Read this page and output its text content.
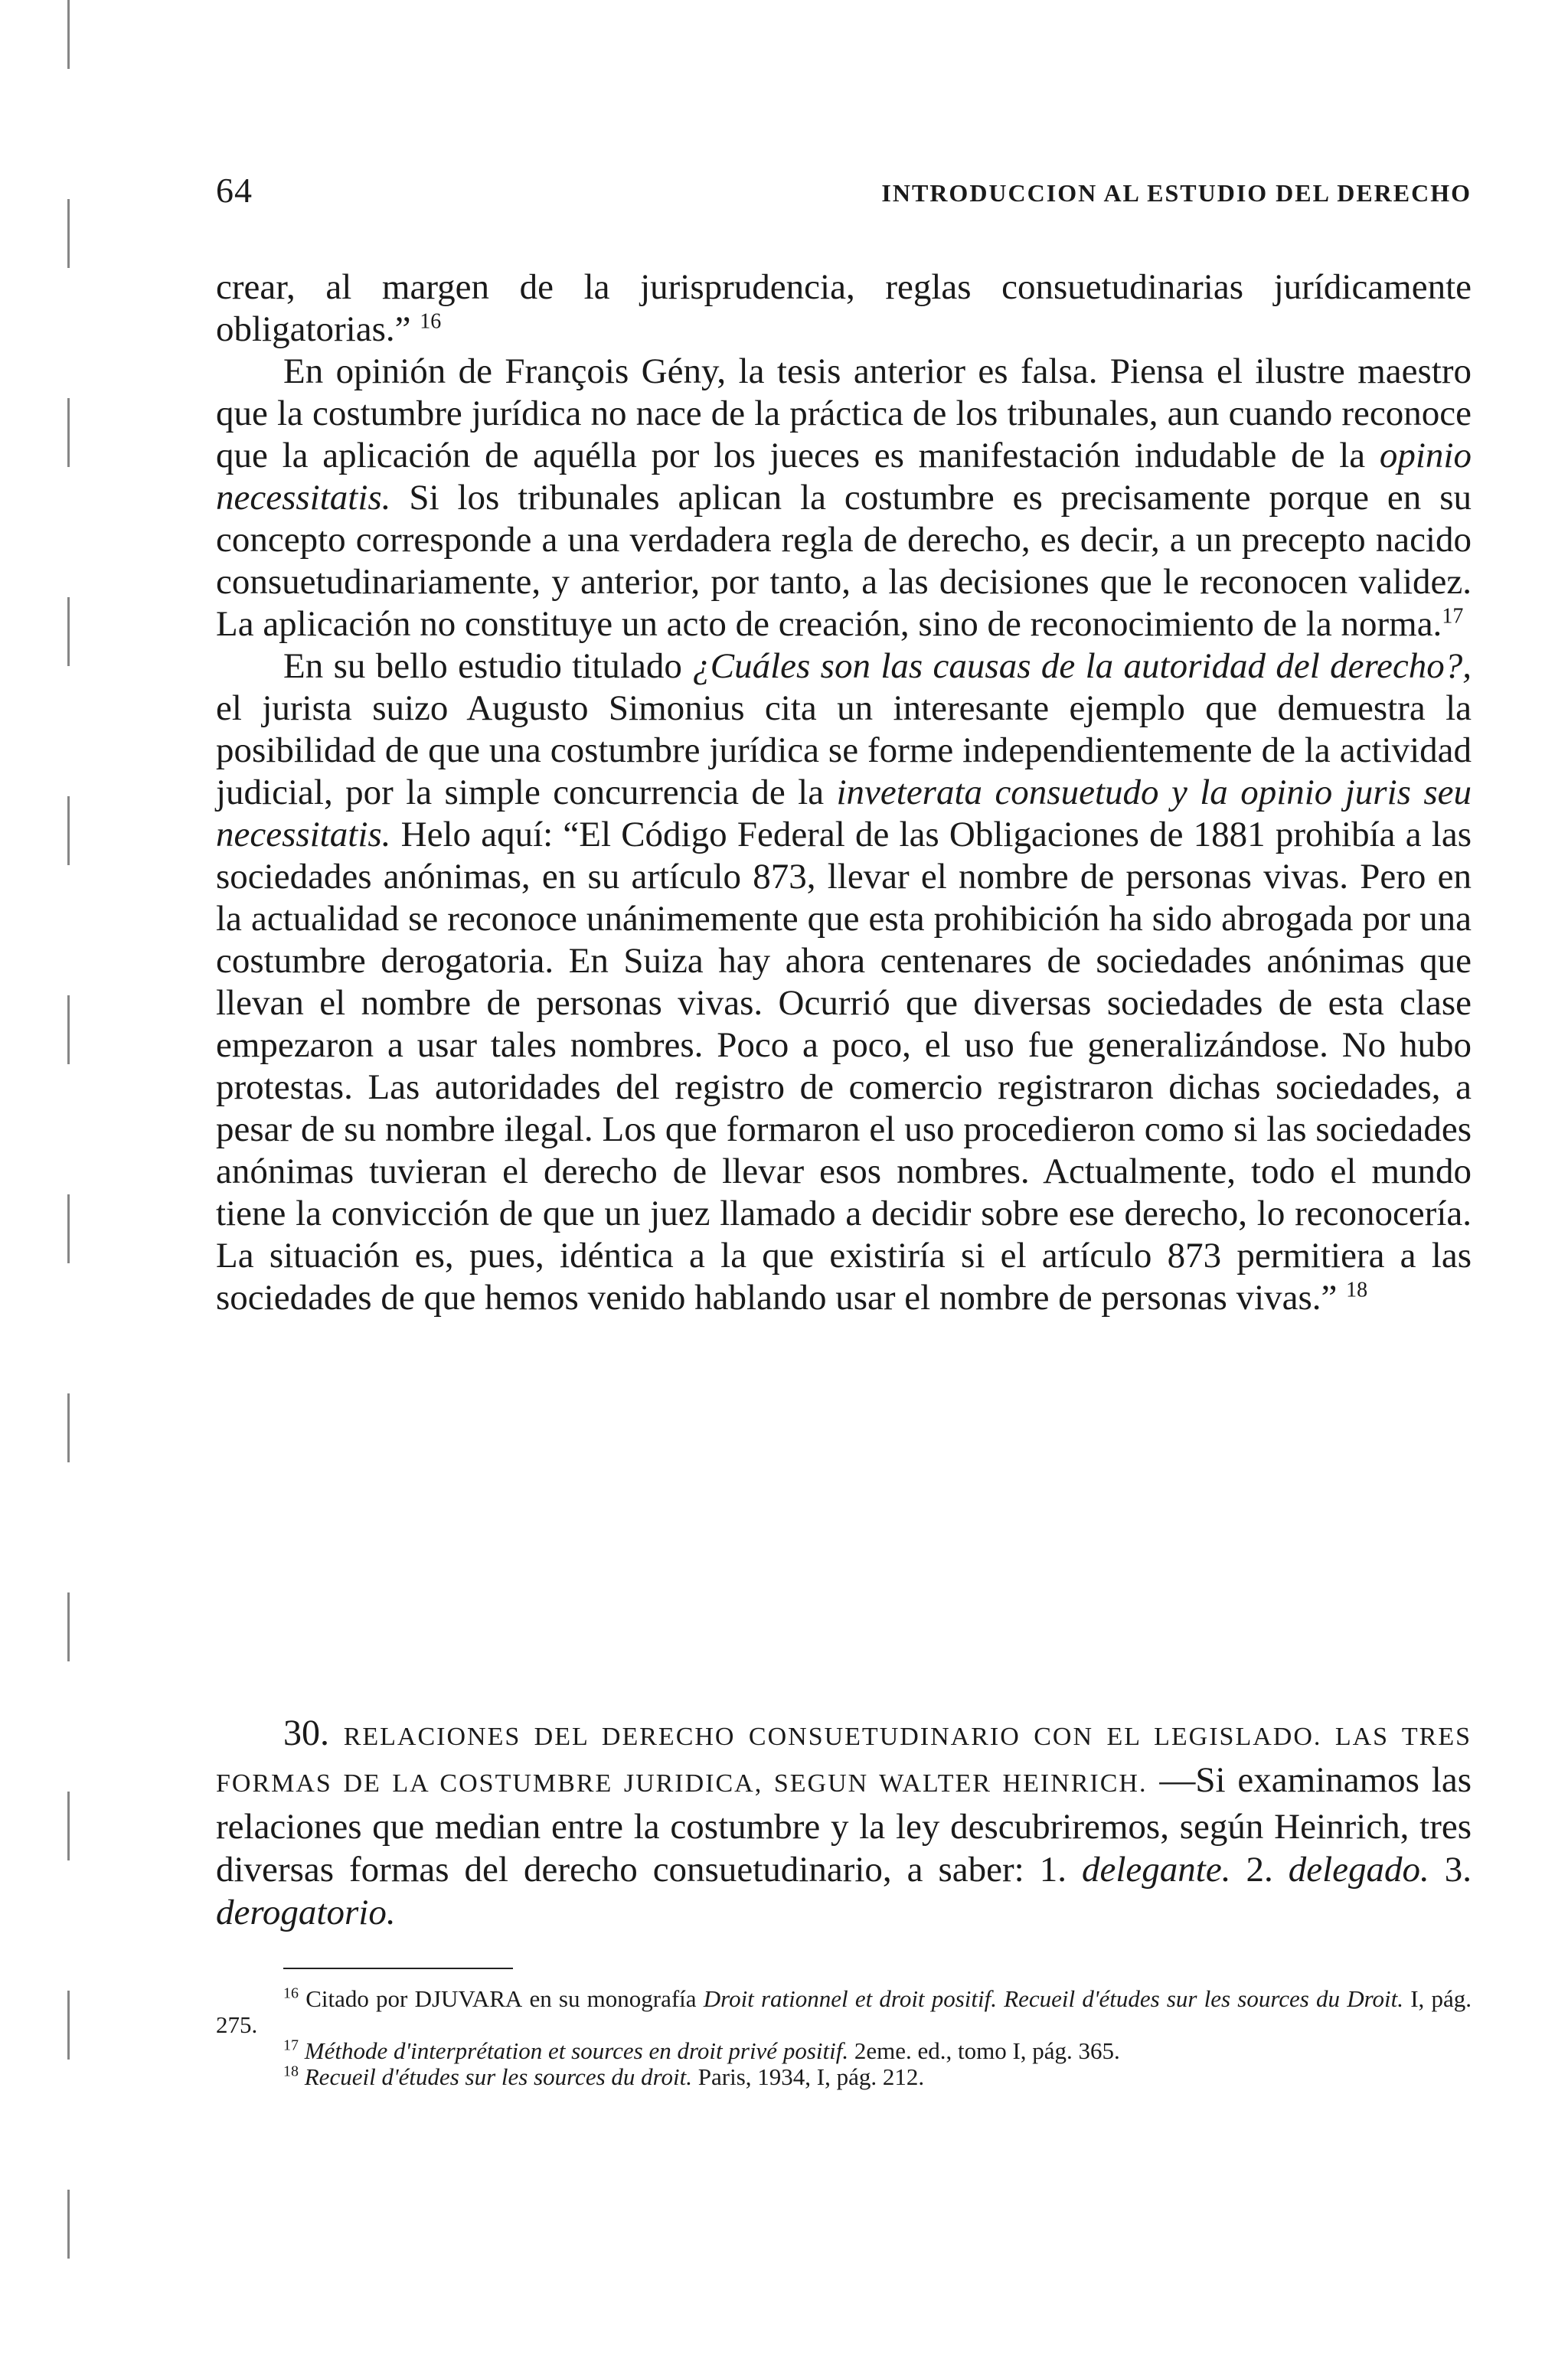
64	INTRODUCCION AL ESTUDIO DEL DERECHO

crear, al margen de la jurisprudencia, reglas consuetudinarias jurídicamente obligatorias.” $^{16}$

En opinión de François Gény, la tesis anterior es falsa. Piensa el ilustre maestro que la costumbre jurídica no nace de la práctica de los tribunales, aun cuando reconoce que la aplicación de aquélla por los jueces es manifestación indudable de la opinio necessitatis. Si los tribunales aplican la costumbre es precisamente porque en su concepto corresponde a una verdadera regla de derecho, es decir, a un precepto nacido consuetudinariamente, y anterior, por tanto, a las decisiones que le reconocen validez. La aplicación no constituye un acto de creación, sino de reconocimiento de la norma.$^{17}$

En su bello estudio titulado ¿Cuáles son las causas de la autoridad del derecho?, el jurista suizo Augusto Simonius cita un interesante ejemplo que demuestra la posibilidad de que una costumbre jurídica se forme independientemente de la actividad judicial, por la simple concurrencia de la inveterata consuetudo y la opinio juris seu necessitatis. Helo aquí: “El Código Federal de las Obligaciones de 1881 prohibía a las sociedades anónimas, en su artículo 873, llevar el nombre de personas vivas. Pero en la actualidad se reconoce unánimemente que esta prohibición ha sido abrogada por una costumbre derogatoria. En Suiza hay ahora centenares de sociedades anónimas que llevan el nombre de personas vivas. Ocurrió que diversas sociedades de esta clase empezaron a usar tales nombres. Poco a poco, el uso fue generalizándose. No hubo protestas. Las autoridades del registro de comercio registraron dichas sociedades, a pesar de su nombre ilegal. Los que formaron el uso procedieron como si las sociedades anónimas tuvieran el derecho de llevar esos nombres. Actualmente, todo el mundo tiene la convicción de que un juez llamado a decidir sobre ese derecho, lo reconocería. La situación es, pues, idéntica a la que existiría si el artículo 873 permitiera a las sociedades de que hemos venido hablando usar el nombre de personas vivas.” $^{18}$

30. RELACIONES DEL DERECHO CONSUETUDINARIO CON EL LEGISLADO. LAS TRES FORMAS DE LA COSTUMBRE JURIDICA, SEGUN WALTER HEINRICH. —Si examinamos las relaciones que median entre la costumbre y la ley descubriremos, según Heinrich, tres diversas formas del derecho consuetudinario, a saber: 1. delegante. 2. delegado. 3. derogatorio.

$^{16}$ Citado por DJUVARA en su monografía Droit rationnel et droit positif. Recueil d'études sur les sources du Droit. I, pág. 275.

$^{17}$ Méthode d'interprétation et sources en droit privé positif. 2eme. ed., tomo I, pág. 365.

$^{18}$ Recueil d'études sur les sources du droit. Paris, 1934, I, pág. 212.
